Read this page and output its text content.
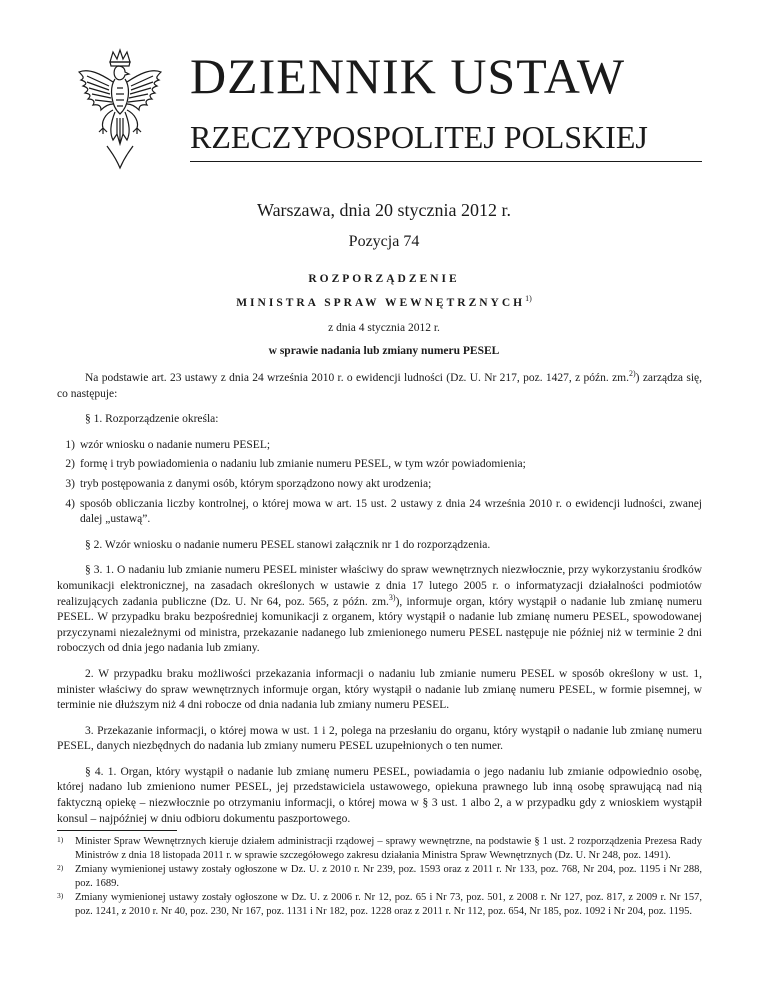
DZIENNIK USTAW
RZECZYPOSPOLITEJ POLSKIEJ
Warszawa, dnia 20 stycznia 2012 r.
Pozycja 74
ROZPORZĄDZENIE
MINISTRA SPRAW WEWNĘTRZNYCH$^{1)}$
z dnia 4 stycznia 2012 r.
w sprawie nadania lub zmiany numeru PESEL

Na podstawie art. 23 ustawy z dnia 24 września 2010 r. o ewidencji ludności (Dz. U. Nr 217, poz. 1427, z późn. zm.$^{2)}$) zarządza się, co następuje:

§ 1. Rozporządzenie określa:

1) wzór wniosku o nadanie numeru PESEL;
2) formę i tryb powiadomienia o nadaniu lub zmianie numeru PESEL, w tym wzór powiadomienia;
3) tryb postępowania z danymi osób, którym sporządzono nowy akt urodzenia;
4) sposób obliczania liczby kontrolnej, o której mowa w art. 15 ust. 2 ustawy z dnia 24 września 2010 r. o ewidencji ludności, zwanej dalej „ustawą”.

§ 2. Wzór wniosku o nadanie numeru PESEL stanowi załącznik nr 1 do rozporządzenia.

§ 3. 1. O nadaniu lub zmianie numeru PESEL minister właściwy do spraw wewnętrznych niezwłocznie, przy wykorzystaniu środków komunikacji elektronicznej, na zasadach określonych w ustawie z dnia 17 lutego 2005 r. o informatyzacji działalności podmiotów realizujących zadania publiczne (Dz. U. Nr 64, poz. 565, z późn. zm.$^{3)}$), informuje organ, który wystąpił o nadanie lub zmianę numeru PESEL. W przypadku braku bezpośredniej komunikacji z organem, który wystąpił o nadanie lub zmianę numeru PESEL, spowodowanej przyczynami niezależnymi od ministra, przekazanie nadanego lub zmienionego numeru PESEL następuje nie później niż w terminie 2 dni roboczych od dnia jego nadania lub zmiany.

2. W przypadku braku możliwości przekazania informacji o nadaniu lub zmianie numeru PESEL w sposób określony w ust. 1, minister właściwy do spraw wewnętrznych informuje organ, który wystąpił o nadanie lub zmianę numeru PESEL, w formie pisemnej, w terminie nie dłuższym niż 4 dni robocze od dnia nadania lub zmiany numeru PESEL.

3. Przekazanie informacji, o której mowa w ust. 1 i 2, polega na przesłaniu do organu, który wystąpił o nadanie lub zmianę numeru PESEL, danych niezbędnych do nadania lub zmiany numeru PESEL uzupełnionych o ten numer.

§ 4. 1. Organ, który wystąpił o nadanie lub zmianę numeru PESEL, powiadamia o jego nadaniu lub zmianie odpowiednio osobę, której nadano lub zmieniono numer PESEL, jej przedstawiciela ustawowego, opiekuna prawnego lub inną osobę sprawującą nad nią faktyczną opiekę – niezwłocznie po otrzymaniu informacji, o której mowa w § 3 ust. 1 albo 2, a w przypadku gdy z wnioskiem wystąpił konsul – najpóźniej w dniu odbioru dokumentu paszportowego.

1)	Minister Spraw Wewnętrznych kieruje działem administracji rządowej – sprawy wewnętrzne, na podstawie § 1 ust. 2 rozporządzenia Prezesa Rady Ministrów z dnia 18 listopada 2011 r. w sprawie szczegółowego zakresu działania Ministra Spraw Wewnętrznych (Dz. U. Nr 248, poz. 1491).
2)	Zmiany wymienionej ustawy zostały ogłoszone w Dz. U. z 2010 r. Nr 239, poz. 1593 oraz z 2011 r. Nr 133, poz. 768, Nr 204, poz. 1195 i Nr 288, poz. 1689.
3)	Zmiany wymienionej ustawy zostały ogłoszone w Dz. U. z 2006 r. Nr 12, poz. 65 i Nr 73, poz. 501, z 2008 r. Nr 127, poz. 817, z 2009 r. Nr 157, poz. 1241, z 2010 r. Nr 40, poz. 230, Nr 167, poz. 1131 i Nr 182, poz. 1228 oraz z 2011 r. Nr 112, poz. 654, Nr 185, poz. 1092 i Nr 204, poz. 1195.
